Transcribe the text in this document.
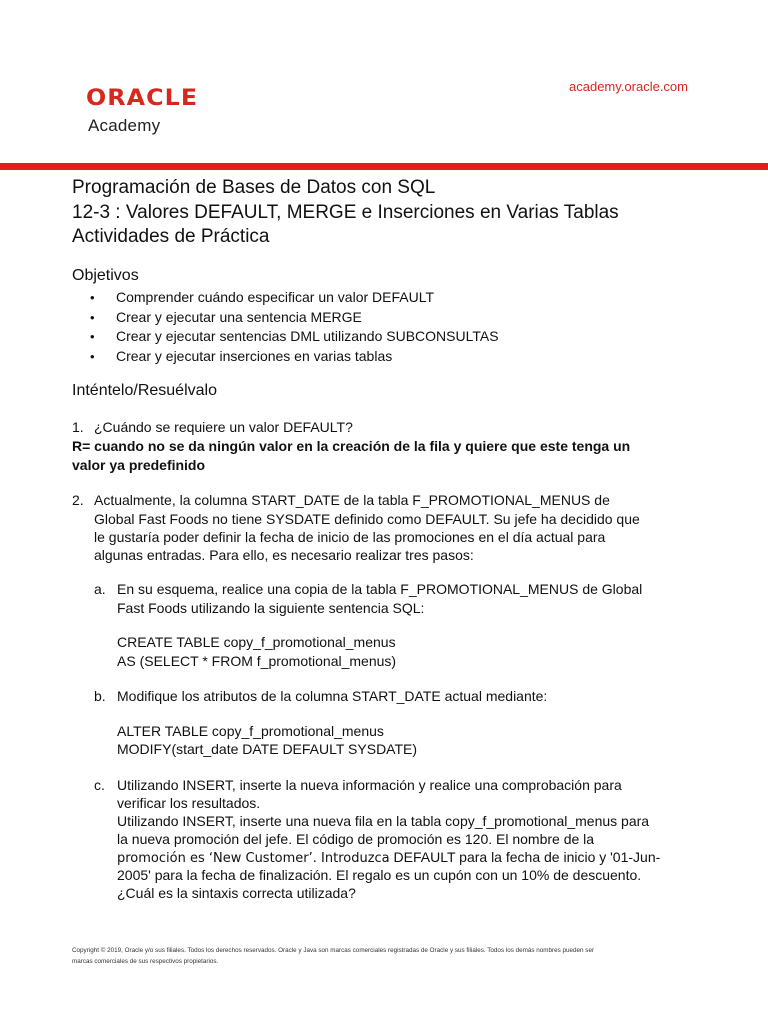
ORACLE
Academy
academy.oracle.com
Programación de Bases de Datos con SQL
12-3 : Valores DEFAULT, MERGE e Inserciones en Varias Tablas
Actividades de Práctica
Objetivos
• Comprender cuándo especificar un valor DEFAULT
• Crear y ejecutar una sentencia MERGE
• Crear y ejecutar sentencias DML utilizando SUBCONSULTAS
• Crear y ejecutar inserciones en varias tablas
Inténtelo/Resuélvalo
1. ¿Cuándo se requiere un valor DEFAULT?
R= cuando no se da ningún valor en la creación de la fila y quiere que este tenga un
valor ya predefinido
2. Actualmente, la columna START_DATE de la tabla F_PROMOTIONAL_MENUS de
Global Fast Foods no tiene SYSDATE definido como DEFAULT. Su jefe ha decidido que
le gustaría poder definir la fecha de inicio de las promociones en el día actual para
algunas entradas. Para ello, es necesario realizar tres pasos:
a. En su esquema, realice una copia de la tabla F_PROMOTIONAL_MENUS de Global
Fast Foods utilizando la siguiente sentencia SQL:
CREATE TABLE copy_f_promotional_menus
AS (SELECT * FROM f_promotional_menus)
b. Modifique los atributos de la columna START_DATE actual mediante:
ALTER TABLE copy_f_promotional_menus
MODIFY(start_date DATE DEFAULT SYSDATE)
c. Utilizando INSERT, inserte la nueva información y realice una comprobación para
verificar los resultados.
Utilizando INSERT, inserte una nueva fila en la tabla copy_f_promotional_menus para
la nueva promoción del jefe. El código de promoción es 120. El nombre de la
promoción es ‘New Customer’. Introduzca DEFAULT para la fecha de inicio y '01-Jun-
2005' para la fecha de finalización. El regalo es un cupón con un 10% de descuento.
¿Cuál es la sintaxis correcta utilizada?
Copyright © 2019, Oracle y/o sus filiales. Todos los derechos reservados. Oracle y Java son marcas comerciales registradas de Oracle y sus filiales. Todos los demás nombres pueden ser
marcas comerciales de sus respectivos propietarios.
